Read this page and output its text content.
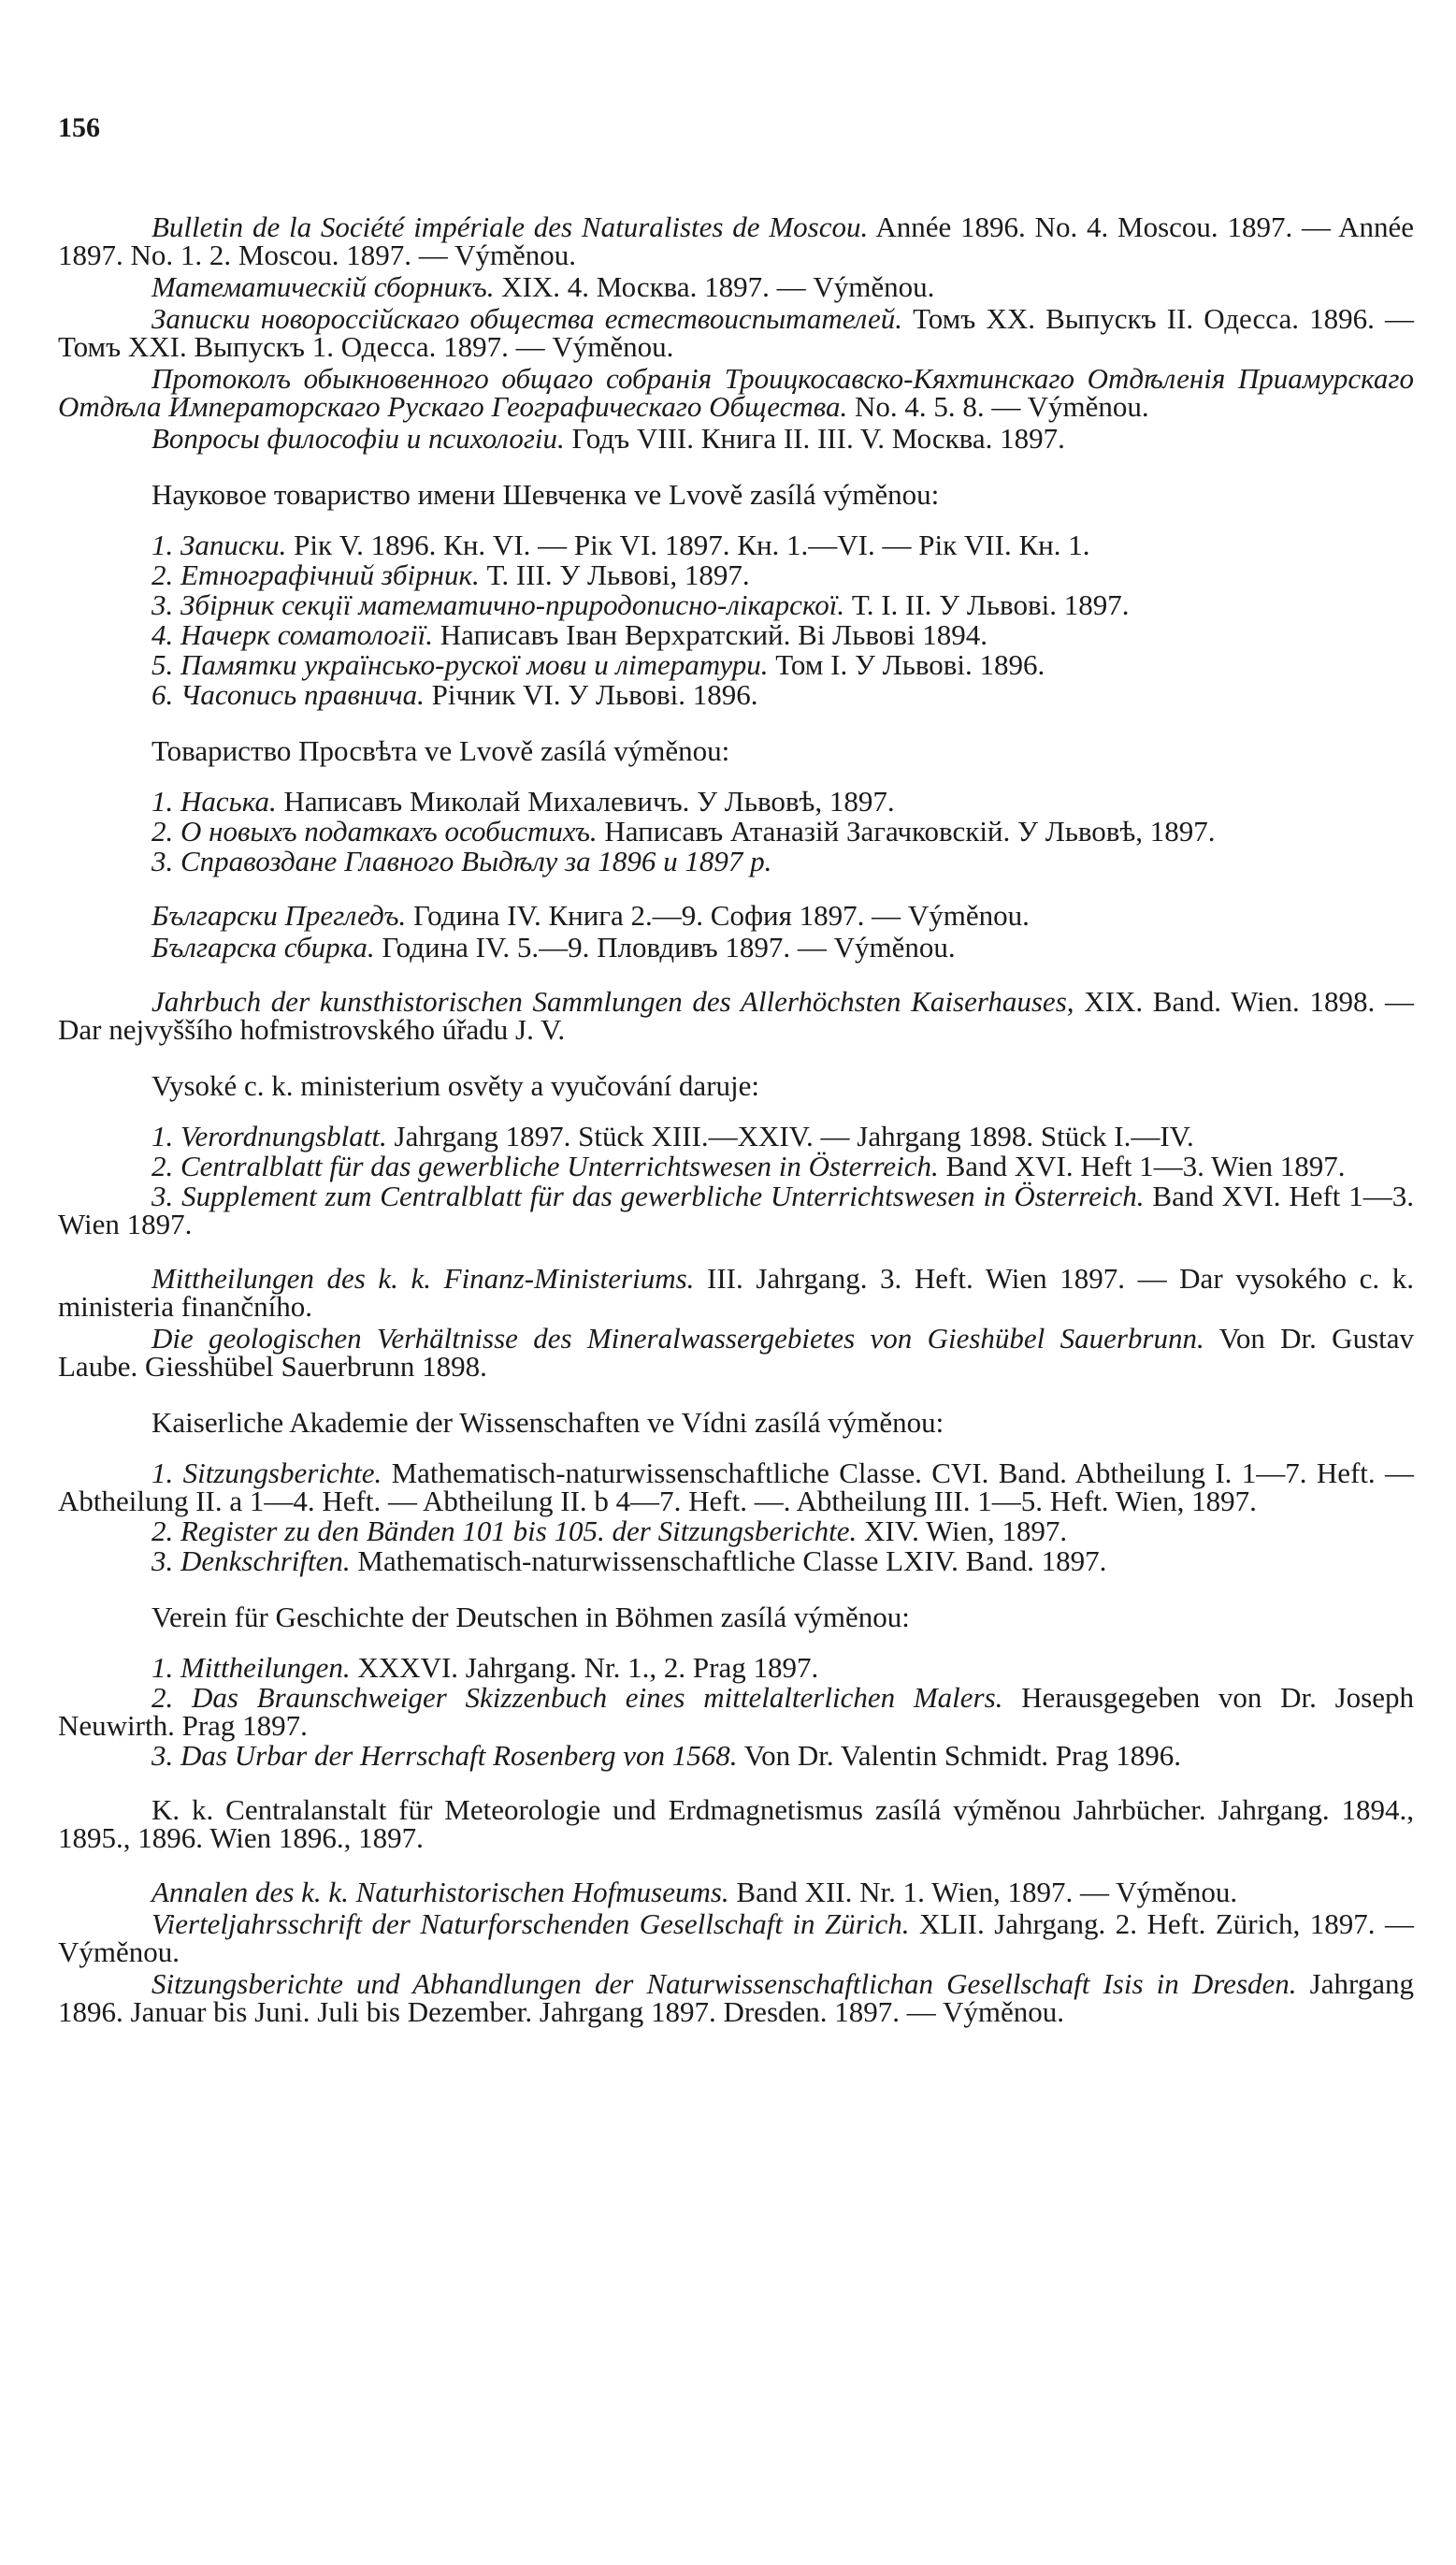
156

Bulletin de la Société impériale des Naturalistes de Moscou. Année 1896. No. 4. Moscou. 1897. — Année 1897. No. 1. 2. Moscou. 1897. — Výměnou.

Математическій сборникъ. XIX. 4. Москва. 1897. — Výměnou.

Записки новороссійскаго общества естествоиспытателей. Томъ XX. Выпускъ II. Одесса. 1896. — Томъ XXI. Выпускъ 1. Одесса. 1897. — Výměnou.

Протоколъ обыкновенного общаго собранія Троицкосавско-Кяхтинскаго Отдѣленія Приамурскаго Отдѣла Императорскаго Рускаго Географическаго Общества. No. 4. 5. 8. — Výměnou.

Вопросы философіи и психологіи. Годъ VIII. Книга II. III. V. Москва. 1897.

Науковое товариство имени Шевченка ve Lvově zasílá výměnou:

1. Записки. Рік V. 1896. Кн. VI. — Рік VI. 1897. Кн. 1.—VI. — Рік VII. Кн. 1.
2. Етнографічний збірник. Т. III. У Львові, 1897.
3. Збірник секції математично-природописно-лікарскої. Т. I. II. У Львові. 1897.
4. Начерк соматології. Написавъ Іван Верхратский. Вi Львові 1894.
5. Памятки українсько-рускої мови и літератури. Том I. У Львові. 1896.
6. Часопись правнича. Річник VI. У Львові. 1896.

Товариство Просвѣта ve Lvově zasílá výměnou:

1. Наська. Написавъ Миколай Михалевичъ. У Львовѣ, 1897.
2. О новыхъ податкахъ особистихъ. Написавъ Атаназій Загачковскій. У Львовѣ, 1897.
3. Справоздане Главного Выдѣлу за 1896 и 1897 р.

Български Прегледъ. Година IV. Книга 2.—9. София 1897. — Výměnou.

Българска сбирка. Година IV. 5.—9. Пловдивъ 1897. — Výměnou.

Jahrbuch der kunsthistorischen Sammlungen des Allerhöchsten Kaiserhauses, XIX. Band. Wien. 1898. — Dar nejvyššího hofmistrovského úřadu J. V.

Vysoké c. k. ministerium osvěty a vyučování daruje:

1. Verordnungsblatt. Jahrgang 1897. Stück XIII.—XXIV. — Jahrgang 1898. Stück I.—IV.
2. Centralblatt für das gewerbliche Unterrichtswesen in Österreich. Band XVI. Heft 1—3. Wien 1897.
3. Supplement zum Centralblatt für das gewerbliche Unterrichtswesen in Österreich. Band XVI. Heft 1—3. Wien 1897.

Mittheilungen des k. k. Finanz-Ministeriums. III. Jahrgang. 3. Heft. Wien 1897. — Dar vysokého c. k. ministeria finančního.

Die geologischen Verhältnisse des Mineralwassergebietes von Gieshübel Sauerbrunn. Von Dr. Gustav Laube. Giesshübel Sauerbrunn 1898.

Kaiserliche Akademie der Wissenschaften ve Vídni zasílá výměnou:

1. Sitzungsberichte. Mathematisch-naturwissenschaftliche Classe. CVI. Band. Abtheilung I. 1—7. Heft. — Abtheilung II. a 1—4. Heft. — Abtheilung II. b 4—7. Heft. —. Abtheilung III. 1—5. Heft. Wien, 1897.
2. Register zu den Bänden 101 bis 105. der Sitzungsberichte. XIV. Wien, 1897.
3. Denkschriften. Mathematisch-naturwissenschaftliche Classe LXIV. Band. 1897.

Verein für Geschichte der Deutschen in Böhmen zasílá výměnou:

1. Mittheilungen. XXXVI. Jahrgang. Nr. 1., 2. Prag 1897.
2. Das Braunschweiger Skizzenbuch eines mittelalterlichen Malers. Herausgegeben von Dr. Joseph Neuwirth. Prag 1897.
3. Das Urbar der Herrschaft Rosenberg von 1568. Von Dr. Valentin Schmidt. Prag 1896.

K. k. Centralanstalt für Meteorologie und Erdmagnetismus zasílá výměnou Jahrbücher. Jahrgang. 1894., 1895., 1896. Wien 1896., 1897.

Annalen des k. k. Naturhistorischen Hofmuseums. Band XII. Nr. 1. Wien, 1897. — Výměnou.

Vierteljahrsschrift der Naturforschenden Gesellschaft in Zürich. XLII. Jahrgang. 2. Heft. Zürich, 1897. — Výměnou.

Sitzungsberichte und Abhandlungen der Naturwissenschaftlichan Gesellschaft Isis in Dresden. Jahrgang 1896. Januar bis Juni. Juli bis Dezember. Jahrgang 1897. Dresden. 1897. — Výměnou.
